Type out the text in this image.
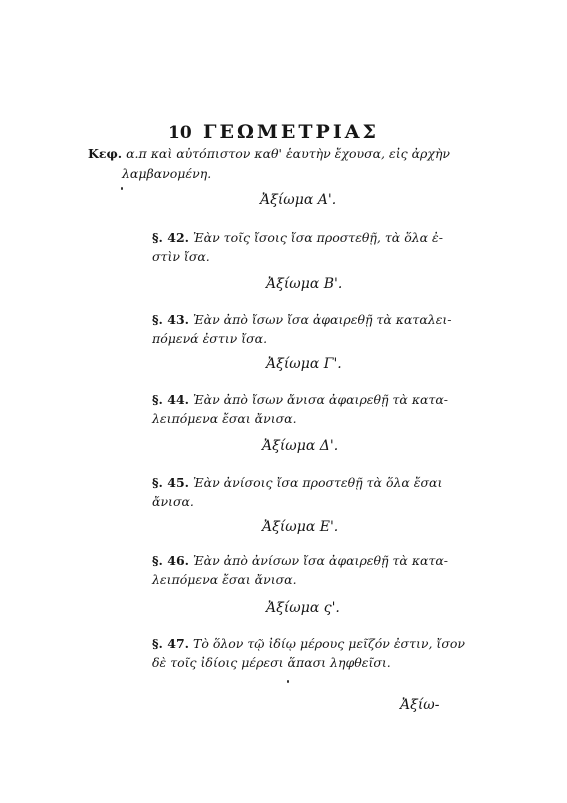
10 ΓΕΩΜΕΤΡΙΑΣ
Κεφ. α.π καὶ αὐτόπιστον καθ' ἑαυτὴν ἔχουσα, εἰς ἀρχὴν
λαμβανομένη.
Ἀξίωμα Α'.
§. 42. Ἐὰν τοῖς ἴσοις ἴσα προστεθῇ, τὰ ὅλα ἐ-
στὶν ἴσα.
Ἀξίωμα Β'.
§. 43. Ἐὰν ἀπὸ ἴσων ἴσα ἀφαιρεθῇ τὰ καταλει-
πόμενά ἐστιν ἴσα.
Ἀξίωμα Γ'.
§. 44. Ἐὰν ἀπὸ ἴσων ἄνισα ἀφαιρεθῇ τὰ κατα-
λειπόμενα ἔσαι ἄνισα.
Ἀξίωμα Δ'.
§. 45. Ἐὰν ἀνίσοις ἴσα προστεθῇ τὰ ὅλα ἔσαι
ἄνισα.
Ἀξίωμα Ε'.
§. 46. Ἐὰν ἀπὸ ἀνίσων ἴσα ἀφαιρεθῇ τὰ κατα-
λειπόμενα ἔσαι ἄνισα.
Ἀξίωμα ς'.
§. 47. Τὸ ὅλον τῷ ἰδίῳ μέρους μεῖζόν ἐστιν, ἴσον
δὲ τοῖς ἰδίοις μέρεσι ἅπασι ληφθεῖσι.
Ἀξίω-
